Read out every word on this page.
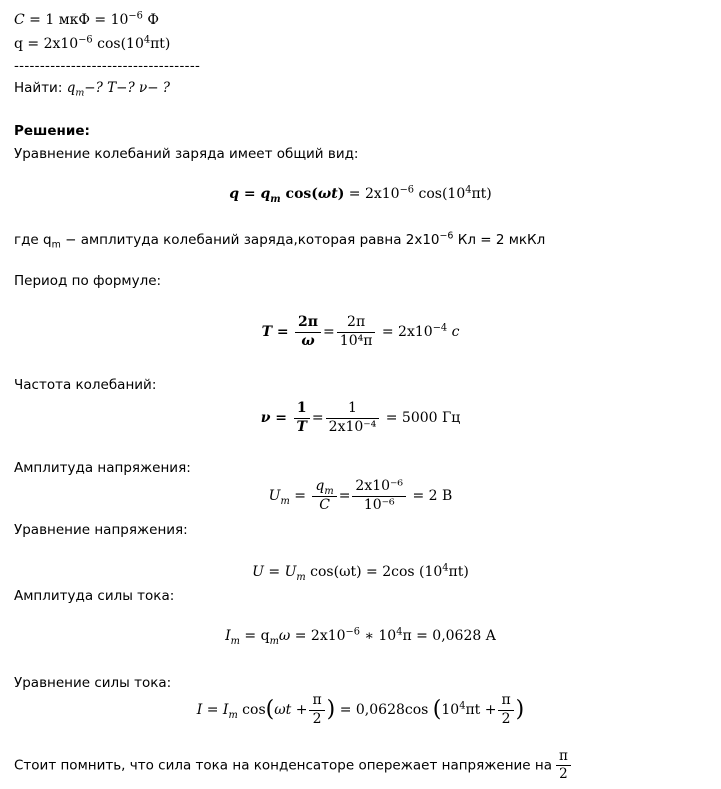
C = 1 мкФ = $10^{-6}$ Ф
$q = 2x10^{-6}$ $\cos(10^4\pi t)$
------------------------------------
Найти: $q_m-$? T−? ν− ?
Решение:
Уравнение колебаний заряда имеет общий вид:
$q = q_m$ $\cos(\omega t) = 2x10^{-6}$ $\cos(10^4\pi t)$
где $q_m$ − амплитуда колебаний заряда,которая равна $2x10^{-6}$ Кл = 2 мкКл
Период по формуле:
$T = \frac{2\pi}{\omega} = \frac{2\pi}{\text{10⁴π}} = 2x10^{-4}$ с
Частота колебаний:
$\nu = \frac{1}{T} = \frac{1}{\text{2x10⁻⁴}} = 5000$ Гц
Амплитуда напряжения:
$U_m = \frac{q_m}{C} = \frac{\text{2x10⁻⁶}}{\text{10⁻⁶}} = 2$ В
Уравнение напряжения:
$U = U_m$ cos(ωt) = 2cos $(10^4\pi t)$
Амплитуда силы тока:
$I_m = q_m\omega = 2x10^{-6}$ ∗ $10^4\pi = 0,0628$ A
Уравнение силы тока:
$I = I_m$ $\cos(\omega t + \frac{\pi}{2}$ ) = 0,0628cos ($10^4\pi t + \frac{\pi}{2}$ )
Стоит помнить, что сила тока на конденсаторе опережает напряжение на $\frac{\pi}{2}$
